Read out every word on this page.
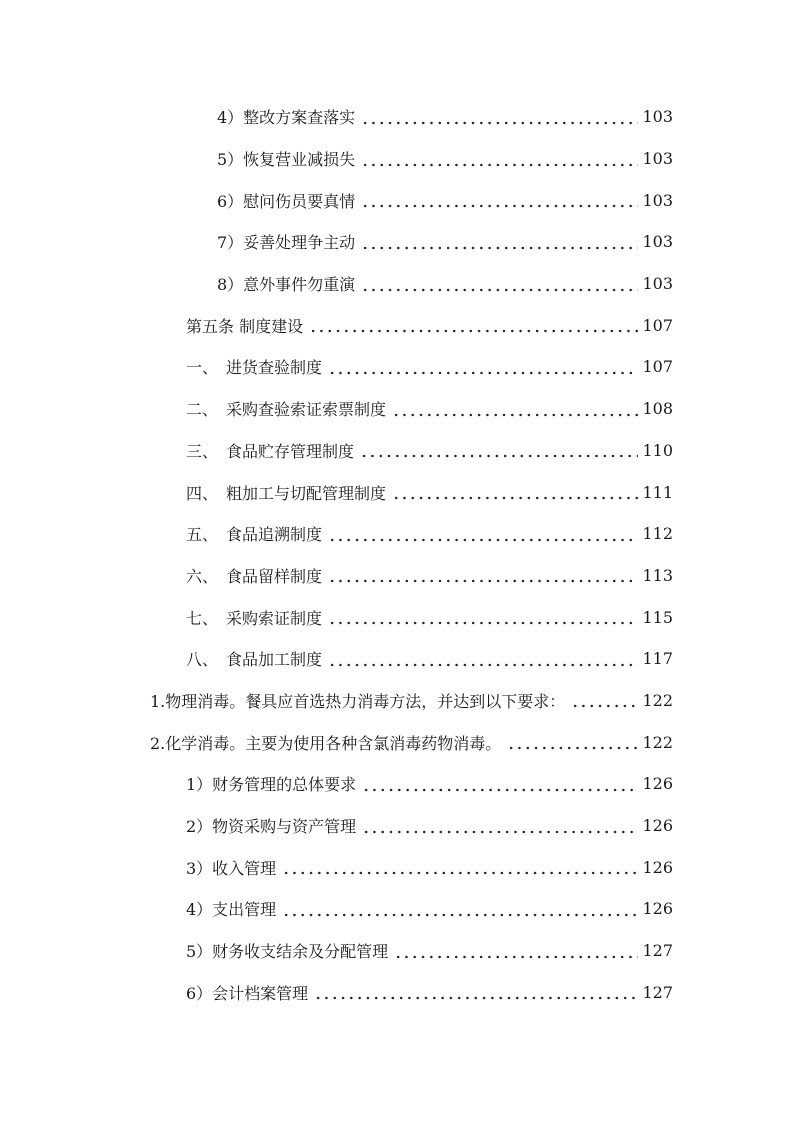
4）整改方案查落实	103
5）恢复营业减损失	103
6）慰问伤员要真情	103
7）妥善处理争主动	103
8）意外事件勿重演	103
第五条 制度建设	107
一、　进货查验制度	107
二、　采购查验索证索票制度	108
三、　食品贮存管理制度	110
四、　粗加工与切配管理制度	111
五、　食品追溯制度	112
六、　食品留样制度	113
七、　采购索证制度	115
八、　食品加工制度	117
1.物理消毒。餐具应首选热力消毒方法，并达到以下要求：	122
2.化学消毒。主要为使用各种含氯消毒药物消毒。	122
1）财务管理的总体要求	126
2）物资采购与资产管理	126
3）收入管理	126
4）支出管理	126
5）财务收支结余及分配管理	127
6）会计档案管理	127
